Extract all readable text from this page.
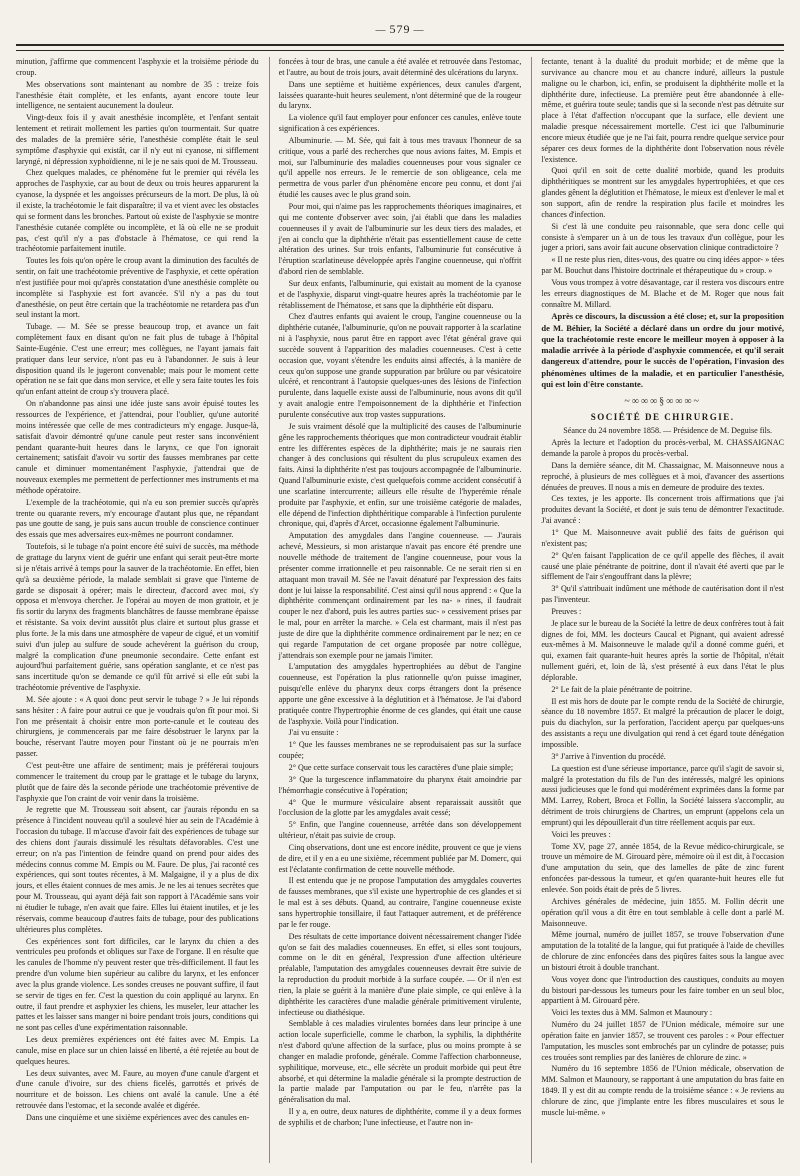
— 579 —

minution, j'affirme que commencent l'asphyxie et la troisième période du croup.

Mes observations sont maintenant au nombre de 35 : treize fois l'anesthésie était complète, et les enfants, ayant encore toute leur intelligence, ne sentaient aucunement la douleur.

Vingt-deux fois il y avait anesthésie incomplète, et l'enfant sentait lentement et retirait mollement les parties qu'on tourmentait. Sur quatre des malades de la première série, l'anesthésie complète était le seul symptôme d'asphyxie qui existât, car il n'y eut ni cyanose, ni sifflement laryngé, ni dépression xyphoïdienne, ni le je ne sais quoi de M. Trousseau.

Chez quelques malades, ce phénomène fut le premier qui révéla les approches de l'asphyxie, car au bout de deux ou trois heures apparurent la cyanose, la dyspnée et les angoisses précurseurs de la mort. De plus, là où il existe, la trachéotomie le fait disparaître; il va et vient avec les obstacles qui se forment dans les bronches. Partout où existe de l'asphyxie se montre l'anesthésie cutanée complète ou incomplète, et là où elle ne se produit pas, c'est qu'il n'y a pas d'obstacle à l'hématose, ce qui rend la trachéotomie parfaitement inutile.

Toutes les fois qu'on opère le croup avant la diminution des facultés de sentir, on fait une trachéotomie préventive de l'asphyxie, et cette opération n'est justifiée pour moi qu'après constatation d'une anesthésie complète ou incomplète si l'asphyxie est fort avancée. S'il n'y a pas du tout d'anesthésie, on peut être certain que la trachéotomie ne retardera pas d'un seul instant la mort.

Tubage. — M. Sée se presse beaucoup trop, et avance un fait complètement faux en disant qu'on ne fait plus de tubage à l'hôpital Sainte-Eugénie. C'est une erreur; mes collègues, ne l'ayant jamais fait pratiquer dans leur service, n'ont pas eu à l'abandonner. Je suis à leur disposition quand ils le jugeront convenable; mais pour le moment cette opération ne se fait que dans mon service, et elle y sera faite toutes les fois qu'un enfant atteint de croup s'y trouvera placé.

On n'abandonne pas ainsi une idée juste sans avoir épuisé toutes les ressources de l'expérience, et j'attendrai, pour l'oublier, qu'une autorité moins intéressée que celle de mes contradicteurs m'y engage. Jusque-là, satisfait d'avoir démontré qu'une canule peut rester sans inconvénient pendant quarante-huit heures dans le larynx, ce que l'on ignorait certainement; satisfait d'avoir vu sortir des fausses membranes par cette canule et diminuer momentanément l'asphyxie, j'attendrai que de nouveaux exemples me permettent de perfectionner mes instruments et ma méthode opératoire.

L'exemple de la trachéotomie, qui n'a eu son premier succès qu'après trente ou quarante revers, m'y encourage d'autant plus que, ne répandant pas une goutte de sang, je puis sans aucun trouble de conscience continuer des essais que mes adversaires eux-mêmes ne pourront condamner.

Toutefois, si le tubage n'a point encore été suivi de succès, ma méthode de grattage du larynx vient de guérir une enfant qui serait peut-être morte si je n'étais arrivé à temps pour la sauver de la trachéotomie. En effet, bien qu'à sa deuxième période, la malade semblait si grave que l'interne de garde se disposait à opérer; mais le directeur, d'accord avec moi, s'y opposa et m'envoya chercher. Je l'opérai au moyen de mon grattoir, et je fis sortir du larynx des fragments blanchâtres de fausse membrane épaisse et résistante. Sa voix devint aussitôt plus claire et surtout plus grasse et plus forte. Je la mis dans une atmosphère de vapeur de cigué, et un vomitif suivi d'un julep au sulfure de soude achevèrent la guérison du croup, malgré la complication d'une pneumonie secondaire. Cette enfant est aujourd'hui parfaitement guérie, sans opération sanglante, et ce n'est pas sans incertitude qu'on se demande ce qu'il fût arrivé si elle eût subi la trachéotomie préventive de l'asphyxie.

M. Sée ajoute : « A quoi donc peut servir le tubage ? » Je lui réponds sans hésiter : A faire pour autrui ce que je voudrais qu'on fît pour moi. Si l'on me présentait à choisir entre mon porte-canule et le couteau des chirurgiens, je commencerais par me faire désobstruer le larynx par la bouche, réservant l'autre moyen pour l'instant où je ne pourrais m'en passer.

C'est peut-être une affaire de sentiment; mais je préférerai toujours commencer le traitement du croup par le grattage et le tubage du larynx, plutôt que de faire dès la seconde période une trachéotomie préventive de l'asphyxie que l'on craint de voir venir dans la troisième.

Je regrette que M. Trousseau soit absent, car j'aurais répondu en sa présence à l'incident nouveau qu'il a soulevé hier au sein de l'Académie à l'occasion du tubage. Il m'accuse d'avoir fait des expériences de tubage sur des chiens dont j'aurais dissimulé les résultats défavorables. C'est une erreur; on n'a pas l'intention de feindre quand on prend pour aides des médecins connus comme M. Empis ou M. Faure. De plus, j'ai raconté ces expériences, qui sont toutes récentes, à M. Malgaigne, il y a plus de dix jours, et elles étaient connues de mes amis. Je ne les ai tenues secrètes que pour M. Trousseau, qui ayant déjà fait son rapport à l'Académie sans voir ni étudier le tubage, n'en avait que faire. Elles lui étaient inutiles, et je les réservais, comme beaucoup d'autres faits de tubage, pour des publications ultérieures plus complètes.

Ces expériences sont fort difficiles, car le larynx du chien a des ventricules peu profonds et obliques sur l'axe de l'organe. Il en résulte que les canules de l'homme n'y peuvent rester que très-difficilement. Il faut les prendre d'un volume bien supérieur au calibre du larynx, et les enfoncer avec la plus grande violence. Les sondes creuses ne pouvant suffire, il faut se servir de tiges en fer. C'est la question du coin appliqué au larynx. En outre, il faut prendre et asphyxier les chiens, les museler, leur attacher les pattes et les laisser sans manger ni boire pendant trois jours, conditions qui ne sont pas celles d'une expérimentation raisonnable.

Les deux premières expériences ont été faites avec M. Empis. La canule, mise en place sur un chien laissé en liberté, a été rejetée au bout de quelques heures.

Les deux suivantes, avec M. Faure, au moyen d'une canule d'argent et d'une canule d'ivoire, sur des chiens ficelés, garrottés et privés de nourriture et de boisson. Les chiens ont avalé la canule. Une a été retrouvée dans l'estomac, et la seconde avalée et digérée.

Dans une cinquième et une sixième expériences avec des canules en-

foncées à tour de bras, une canule a été avalée et retrouvée dans l'estomac, et l'autre, au bout de trois jours, avait déterminé des ulcérations du larynx.

Dans une septième et huitième expériences, deux canules d'argent, laissées quarante-huit heures seulement, n'ont déterminé que de la rougeur du larynx.

La violence qu'il faut employer pour enfoncer ces canules, enlève toute signification à ces expériences.

Albuminurie. — M. Sée, qui fait à tous mes travaux l'honneur de sa critique, vous a parlé des recherches que nous avions faites, M. Empis et moi, sur l'albuminurie des maladies couenneuses pour vous signaler ce qu'il appelle nos erreurs. Je le remercie de son obligeance, cela me permettra de vous parler d'un phénomène encore peu connu, et dont j'ai étudié les causes avec le plus grand soin.

Pour moi, qui n'aime pas les rapprochements théoriques imaginaires, et qui me contente d'observer avec soin, j'ai établi que dans les maladies couenneuses il y avait de l'albuminurie sur les deux tiers des malades, et j'en ai conclu que la diphthérie n'était pas essentiellement cause de cette altération des urines. Sur trois enfants, l'albuminurie fut consécutive à l'éruption scarlatineuse développée après l'angine couenneuse, qui n'offrit d'abord rien de semblable.

Sur deux enfants, l'albuminurie, qui existait au moment de la cyanose et de l'asphyxie, disparut vingt-quatre heures après la trachéotomie par le rétablissement de l'hématose, et sans que la diphthérie eût disparu.

Chez d'autres enfants qui avaient le croup, l'angine couenneuse ou la diphthérie cutanée, l'albuminurie, qu'on ne pouvait rapporter à la scarlatine ni à l'asphyxie, nous parut être en rapport avec l'état général grave qui succède souvent à l'apparition des maladies couenneuses. C'est à cette occasion que, voyant s'étendre les enduits ainsi affectés, à la manière de ceux qu'on suppose une grande suppuration par brûlure ou par vésicatoire ulcéré, et rencontrant à l'autopsie quelques-unes des lésions de l'infection purulente, dans laquelle existe aussi de l'albuminurie, nous avons dit qu'il y avait analogie entre l'empoisonnement de la diphthérie et l'infection purulente consécutive aux trop vastes suppurations.

Je suis vraiment désolé que la multiplicité des causes de l'albuminurie gêne les rapprochements théoriques que mon contradicteur voudrait établir entre les différentes espèces de la diphthérite; mais je ne saurais rien changer à des conclusions qui résultent du plus scrupuleux examen des faits. Ainsi la diphthérite n'est pas toujours accompagnée de l'albuminurie. Quand l'albuminurie existe, c'est quelquefois comme accident consécutif à une scarlatine intercurrente; ailleurs elle résulte de l'hyperémie rénale produite par l'asphyxie, et enfin, sur une troisième catégorie de malades, elle dépend de l'infection diphthéritique comparable à l'infection purulente chronique, qui, d'après d'Arcet, occasionne également l'albuminurie.

Amputation des amygdales dans l'angine couenneuse. — J'aurais achevé, Messieurs, si mon aristarque n'avait pas encore été prendre une nouvelle méthode de traitement de l'angine couenneuse, pour vous la présenter comme irrationnelle et peu raisonnable. Ce ne serait rien si en attaquant mon travail M. Sée ne l'avait dénaturé par l'expression des faits dont je lui laisse la responsabilité. C'est ainsi qu'il nous apprend : « Que la diphthérite commençant ordinairement par les na- » rines, il faudrait couper le nez d'abord, puis les autres parties suc- » cessivement prises par le mal, pour en arrêter la marche. » Cela est charmant, mais il n'est pas juste de dire que la diphthérite commence ordinairement par le nez; en ce qui regarde l'amputation de cet organe proposée par notre collègue, j'attendrais son exemple pour ne jamais l'imiter.

L'amputation des amygdales hypertrophiées au début de l'angine couenneuse, est l'opération la plus rationnelle qu'on puisse imaginer, puisqu'elle enlève du pharynx deux corps étrangers dont la présence apporte une gêne excessive à la déglutition et à l'hématose. Je l'ai d'abord pratiquée contre l'hypertrophie énorme de ces glandes, qui était une cause de l'asphyxie. Voilà pour l'indication.

J'ai vu ensuite :

1° Que les fausses membranes ne se reproduisaient pas sur la surface coupée;

2° Que cette surface conservait tous les caractères d'une plaie simple;

3° Que la turgescence inflammatoire du pharynx était amoindrie par l'hémorrhagie consécutive à l'opération;

4° Que le murmure vésiculaire absent reparaissait aussitôt que l'occlusion de la glotte par les amygdales avait cessé;

5° Enfin, que l'angine couenneuse, arrêtée dans son développement ultérieur, n'était pas suivie de croup.

Cinq observations, dont une est encore inédite, prouvent ce que je viens de dire, et il y en a eu une sixième, récemment publiée par M. Domerc, qui est l'éclatante confirmation de cette nouvelle méthode.

Il est entendu que je ne propose l'amputation des amygdales couvertes de fausses membranes, que s'il existe une hypertrophie de ces glandes et si le mal est à ses débuts. Quand, au contraire, l'angine couenneuse existe sans hypertrophie tonsillaire, il faut l'attaquer autrement, et de préférence par le fer rouge.

Des résultats de cette importance doivent nécessairement changer l'idée qu'on se fait des maladies couenneuses. En effet, si elles sont toujours, comme on le dit en général, l'expression d'une affection ultérieure préalable, l'amputation des amygdales couenneuses devrait être suivie de la reproduction du produit morbide à la surface coupée. — Or il n'en est rien, la plaie se guérit à la manière d'une plaie simple, ce qui enlève à la diphthérite les caractères d'une maladie générale primitivement virulente, infectieuse ou diathésique.

Semblable à ces maladies virulentes bornées dans leur principe à une action locale superficielle, comme le charbon, la syphilis, la diphthérite n'est d'abord qu'une affection de la surface, plus ou moins prompte à se changer en maladie profonde, générale. Comme l'affection charbonneuse, syphilitique, morveuse, etc., elle sécrète un produit morbide qui peut être absorbé, et qui détermine la maladie générale si la prompte destruction de la partie malade par l'amputation ou par le feu, n'arrête pas la généralisation du mal.

Il y a, en outre, deux natures de diphthérite, comme il y a deux formes de syphilis et de charbon; l'une infectieuse, et l'autre non in-

fectante, tenant à la dualité du produit morbide; et de même que la survivance au chancre mou et au chancre induré, ailleurs la pustule maligne ou le charbon, ici, enfin, se produisent la diphthérite molle et la diphthérite dure, infectieuse. La première peut être abandonnée à elle-même, et guérira toute seule; tandis que si la seconde n'est pas détruite sur place à l'état d'affection n'occupant que la surface, elle devient une maladie presque nécessairement mortelle. C'est ici que l'albuminurie encore mieux étudiée que je ne l'ai fait, pourra rendre quelque service pour séparer ces deux formes de la diphthérite dont l'observation nous révèle l'existence.

Quoi qu'il en soit de cette dualité morbide, quand les produits diphthéritiques se montrent sur les amygdales hypertrophiées, et que ces glandes gênent la déglutition et l'hématose, le mieux est d'enlever le mal et son support, afin de rendre la respiration plus facile et moindres les chances d'infection.

Si c'est là une conduite peu raisonnable, que sera donc celle qui consiste à s'emparer un à un de tous les travaux d'un collègue, pour les juger a priori, sans avoir fait aucune observation clinique contradictoire ?

« Il ne reste plus rien, dites-vous, des quatre ou cinq idées appor- » tées par M. Bouchut dans l'histoire doctrinale et thérapeutique du » croup. »

Vous vous trompez à votre désavantage, car il restera vos discours entre les erreurs diagnostiques de M. Blache et de M. Roger que nous fait connaître M. Millard.

Après ce discours, la discussion a été close; et, sur la proposition de M. Béhier, la Société a déclaré dans un ordre du jour motivé, que la trachéotomie reste encore le meilleur moyen à opposer à la maladie arrivée à la période d'asphyxie commencée, et qu'il serait dangereux d'attendre, pour le succès de l'opération, l'invasion des phénomènes ultimes de la maladie, et en particulier l'anesthésie, qui est loin d'être constante.

~∞∞∞§∞∞∞~
SOCIÉTÉ DE CHIRURGIE.

Séance du 24 novembre 1858. — Présidence de M. Deguise fils.

Après la lecture et l'adoption du procès-verbal, M. CHASSAIGNAC demande la parole à propos du procès-verbal.

Dans la dernière séance, dit M. Chassaignac, M. Maisonneuve nous a reproché, à plusieurs de mes collègues et à moi, d'avancer des assertions dénuées de preuves. Il nous a mis en demeure de produire des textes.

Ces textes, je les apporte. Ils concernent trois affirmations que j'ai produites devant la Société, et dont je suis tenu de démontrer l'exactitude. J'ai avancé :

1° Que M. Maisonneuve avait publié des faits de guérison qui n'existent pas;

2° Qu'en faisant l'application de ce qu'il appelle des flèches, il avait causé une plaie pénétrante de poitrine, dont il n'avait été averti que par le sifflement de l'air s'engouffrant dans la plèvre;

3° Qu'il s'attribuait indûment une méthode de cautérisation dont il n'est pas l'inventeur.

Preuves :

Je place sur le bureau de la Société la lettre de deux confrères tout à fait dignes de foi, MM. les docteurs Caucal et Pignant, qui avaient adressé eux-mêmes à M. Maisonneuve le malade qu'il a donné comme guéri, et qui, examen fait quarante-huit heures après la sortie de l'hôpital, n'était nullement guéri, et, loin de là, s'est présenté à eux dans l'état le plus déplorable.

2° Le fait de la plaie pénétrante de poitrine.

Il est mis hors de doute par le compte rendu de la Société de chirurgie, séance du 18 novembre 1857. Et malgré la précaution de placer le doigt, puis du diachylon, sur la perforation, l'accident aperçu par quelques-uns des assistants a reçu une divulgation qui rend à cet égard toute dénégation impossible.

3° J'arrive à l'invention du procédé.

La question est d'une sérieuse importance, parce qu'il s'agit de savoir si, malgré la protestation du fils de l'un des intéressés, malgré les opinions aussi judicieuses que le fond qui modérément exprimées dans la forme par MM. Larrey, Robert, Broca et Follin, la Société laissera s'accomplir, au détriment de trois chirurgiens de Chartres, un emprunt (appelons cela un emprunt) qui les dépouillerait d'un titre réellement acquis par eux.

Voici les preuves :

Tome XV, page 27, année 1854, de la Revue médico-chirurgicale, se trouve un mémoire de M. Girouard père, mémoire où il est dit, à l'occasion d'une amputation du sein, que des lamelles de pâte de zinc furent enfoncées par-dessous la tumeur, et qu'en quarante-huit heures elle fut enlevée. Son poids était de près de 5 livres.

Archives générales de médecine, juin 1855. M. Follin décrit une opération qu'il vous a dit être en tout semblable à celle dont a parlé M. Maisonneuve.

Même journal, numéro de juillet 1857, se trouve l'observation d'une amputation de la totalité de la langue, qui fut pratiquée à l'aide de chevilles de chlorure de zinc enfoncées dans des piqûres faites sous la langue avec un bistouri étroit à double tranchant.

Vous voyez donc que l'introduction des caustiques, conduits au moyen du bistouri par-dessous les tumeurs pour les faire tomber en un seul bloc, appartient à M. Girouard père.

Voici les textes dus à MM. Salmon et Maunoury :

Numéro du 24 juillet 1857 de l'Union médicale, mémoire sur une opération faite en janvier 1857, se trouvent ces paroles : « Pour effectuer l'amputation, les muscles sont embrochés par un cylindre de potasse; puis ces trouées sont remplies par des lanières de chlorure de zinc. »

Numéro du 16 septembre 1856 de l'Union médicale, observation de MM. Salmon et Maunoury, se rapportant à une amputation du bras faite en 1849. Il y est dit au compte rendu de la troisième séance : « Je reviens au chlorure de zinc, que j'implante entre les fibres musculaires et sous le muscle lui-même. »
